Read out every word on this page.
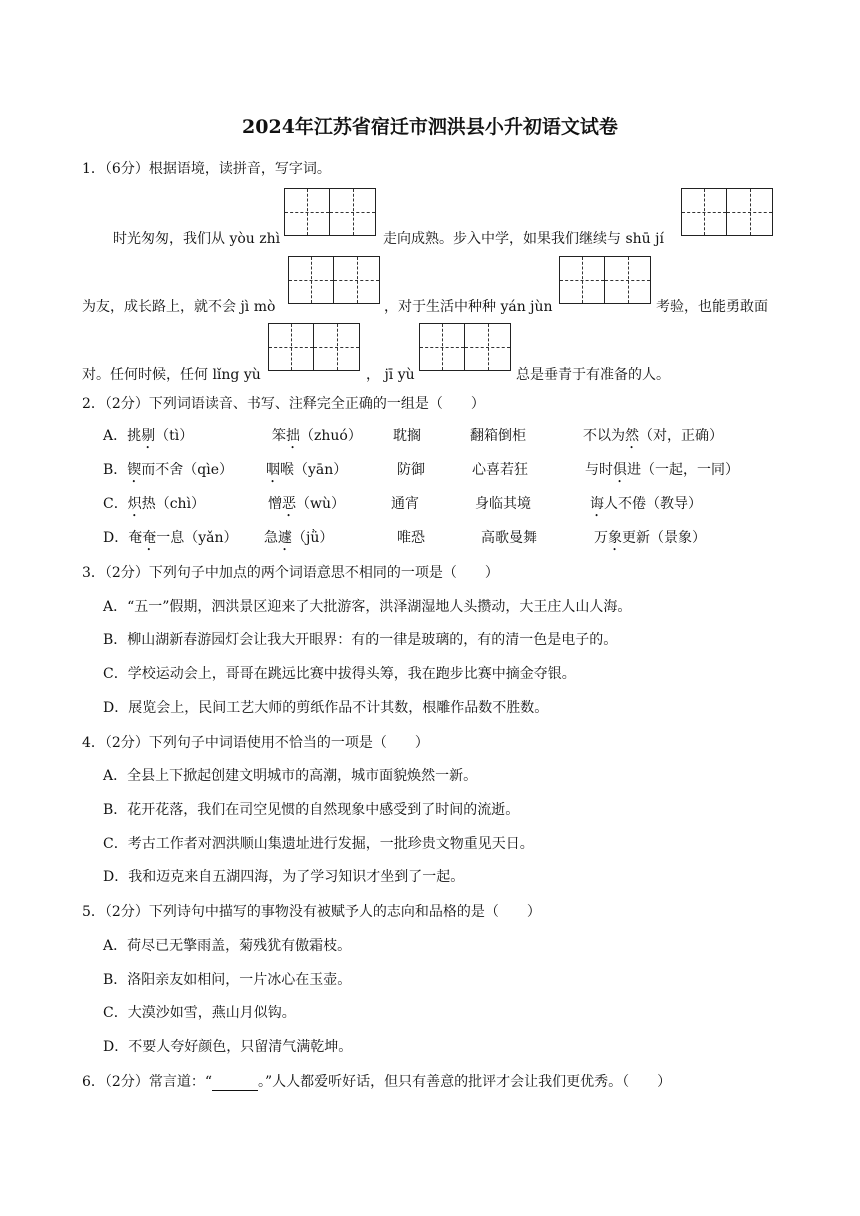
2024年江苏省宿迁市泗洪县小升初语文试卷
1．（6分）根据语境，读拼音，写字词。
时光匆匆，我们从 yòu zhì	走向成熟。步入中学，如果我们继续与 shū jí
为友，成长路上，就不会 jì mò	，对于生活中种种 yán jùn	考验，也能勇敢面
对。任何时候，任何 lǐng yù	， jī yù	总是垂青于有准备的人。
2．（2分）下列词语读音、书写、注释完全正确的一组是（　　）
A．挑剔（tì）	笨拙（zhuó） 耽搁	翻箱倒柜	不以为然（对，正确）
B．锲而不舍（qìe） 咽喉（yān）	防御	心喜若狂	与时俱进（一起，一同）
C．炽热（chì）	憎恶（wù）	通宵	身临其境	诲人不倦（教导）
D．奄奄一息（yǎn） 急遽（jǜ）	唯恐	高歌曼舞	万象更新（景象）
3．（2分）下列句子中加点的两个词语意思不相同的一项是（　　）
A．“五一”假期，泗洪景区迎来了大批游客，洪泽湖湿地人头攒动，大王庄人山人海。
B．柳山湖新春游园灯会让我大开眼界：有的一律是玻璃的，有的清一色是电子的。
C．学校运动会上，哥哥在跳远比赛中拔得头筹，我在跑步比赛中摘金夺银。
D．展览会上，民间工艺大师的剪纸作品不计其数，根雕作品数不胜数。
4．（2分）下列句子中词语使用不恰当的一项是（　　）
A．全县上下掀起创建文明城市的高潮，城市面貌焕然一新。
B．花开花落，我们在司空见惯的自然现象中感受到了时间的流逝。
C．考古工作者对泗洪顺山集遗址进行发掘，一批珍贵文物重见天日。
D．我和迈克来自五湖四海，为了学习知识才坐到了一起。
5．（2分）下列诗句中描写的事物没有被赋予人的志向和品格的是（　　）
A．荷尽已无擎雨盖，菊残犹有傲霜枝。
B．洛阳亲友如相问，一片冰心在玉壶。
C．大漠沙如雪，燕山月似钩。
D．不要人夸好颜色，只留清气满乾坤。
6．（2分）常言道：“	。”人人都爱听好话，但只有善意的批评才会让我们更优秀。（　　）
